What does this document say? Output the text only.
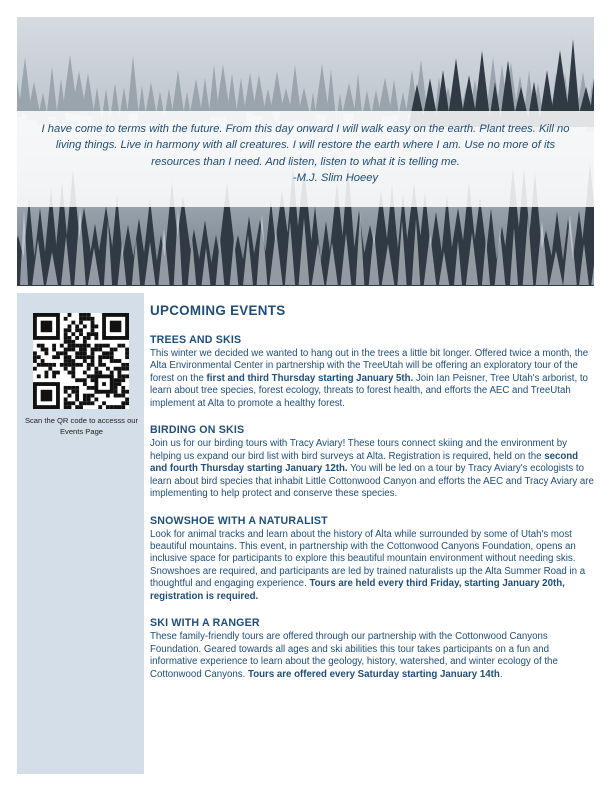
I have come to terms with the future. From this day onward I will walk easy on the earth. Plant trees. Kill no living things. Live in harmony with all creatures. I will restore the earth where I am. Use no more of its resources than I need. And listen, listen to what it is telling me.

-M.J. Slim Hoeey
Scan the QR code to accesss our Events Page
UPCOMING EVENTS
TREES AND SKIS

This winter we decided we wanted to hang out in the trees a little bit longer. Offered twice a month, the Alta Environmental Center in partnership with the TreeUtah will be offering an exploratory tour of the forest on the first and third Thursday starting January 5th. Join Ian Peisner, Tree Utah's arborist, to learn about tree species, forest ecology, threats to forest health, and efforts the AEC and TreeUtah implement at Alta to promote a healthy forest.

BIRDING ON SKIS

Join us for our birding tours with Tracy Aviary! These tours connect skiing and the environment by helping us expand our bird list with bird surveys at Alta. Registration is required, held on the second and fourth Thursday starting January 12th. You will be led on a tour by Tracy Aviary's ecologists to learn about bird species that inhabit Little Cottonwood Canyon and efforts the AEC and Tracy Aviary are implementing to help protect and conserve these species.

SNOWSHOE WITH A NATURALIST

Look for animal tracks and learn about the history of Alta while surrounded by some of Utah's most beautiful mountains. This event, in partnership with the Cottonwood Canyons Foundation, opens an inclusive space for participants to explore this beautiful mountain environment without needing skis. Snowshoes are required, and participants are led by trained naturalists up the Alta Summer Road in a thoughtful and engaging experience. Tours are held every third Friday, starting January 20th, registration is required.

SKI WITH A RANGER

These family-friendly tours are offered through our partnership with the Cottonwood Canyons Foundation. Geared towards all ages and ski abilities this tour takes participants on a fun and informative experience to learn about the geology, history, watershed, and winter ecology of the Cottonwood Canyons. Tours are offered every Saturday starting January 14th.
